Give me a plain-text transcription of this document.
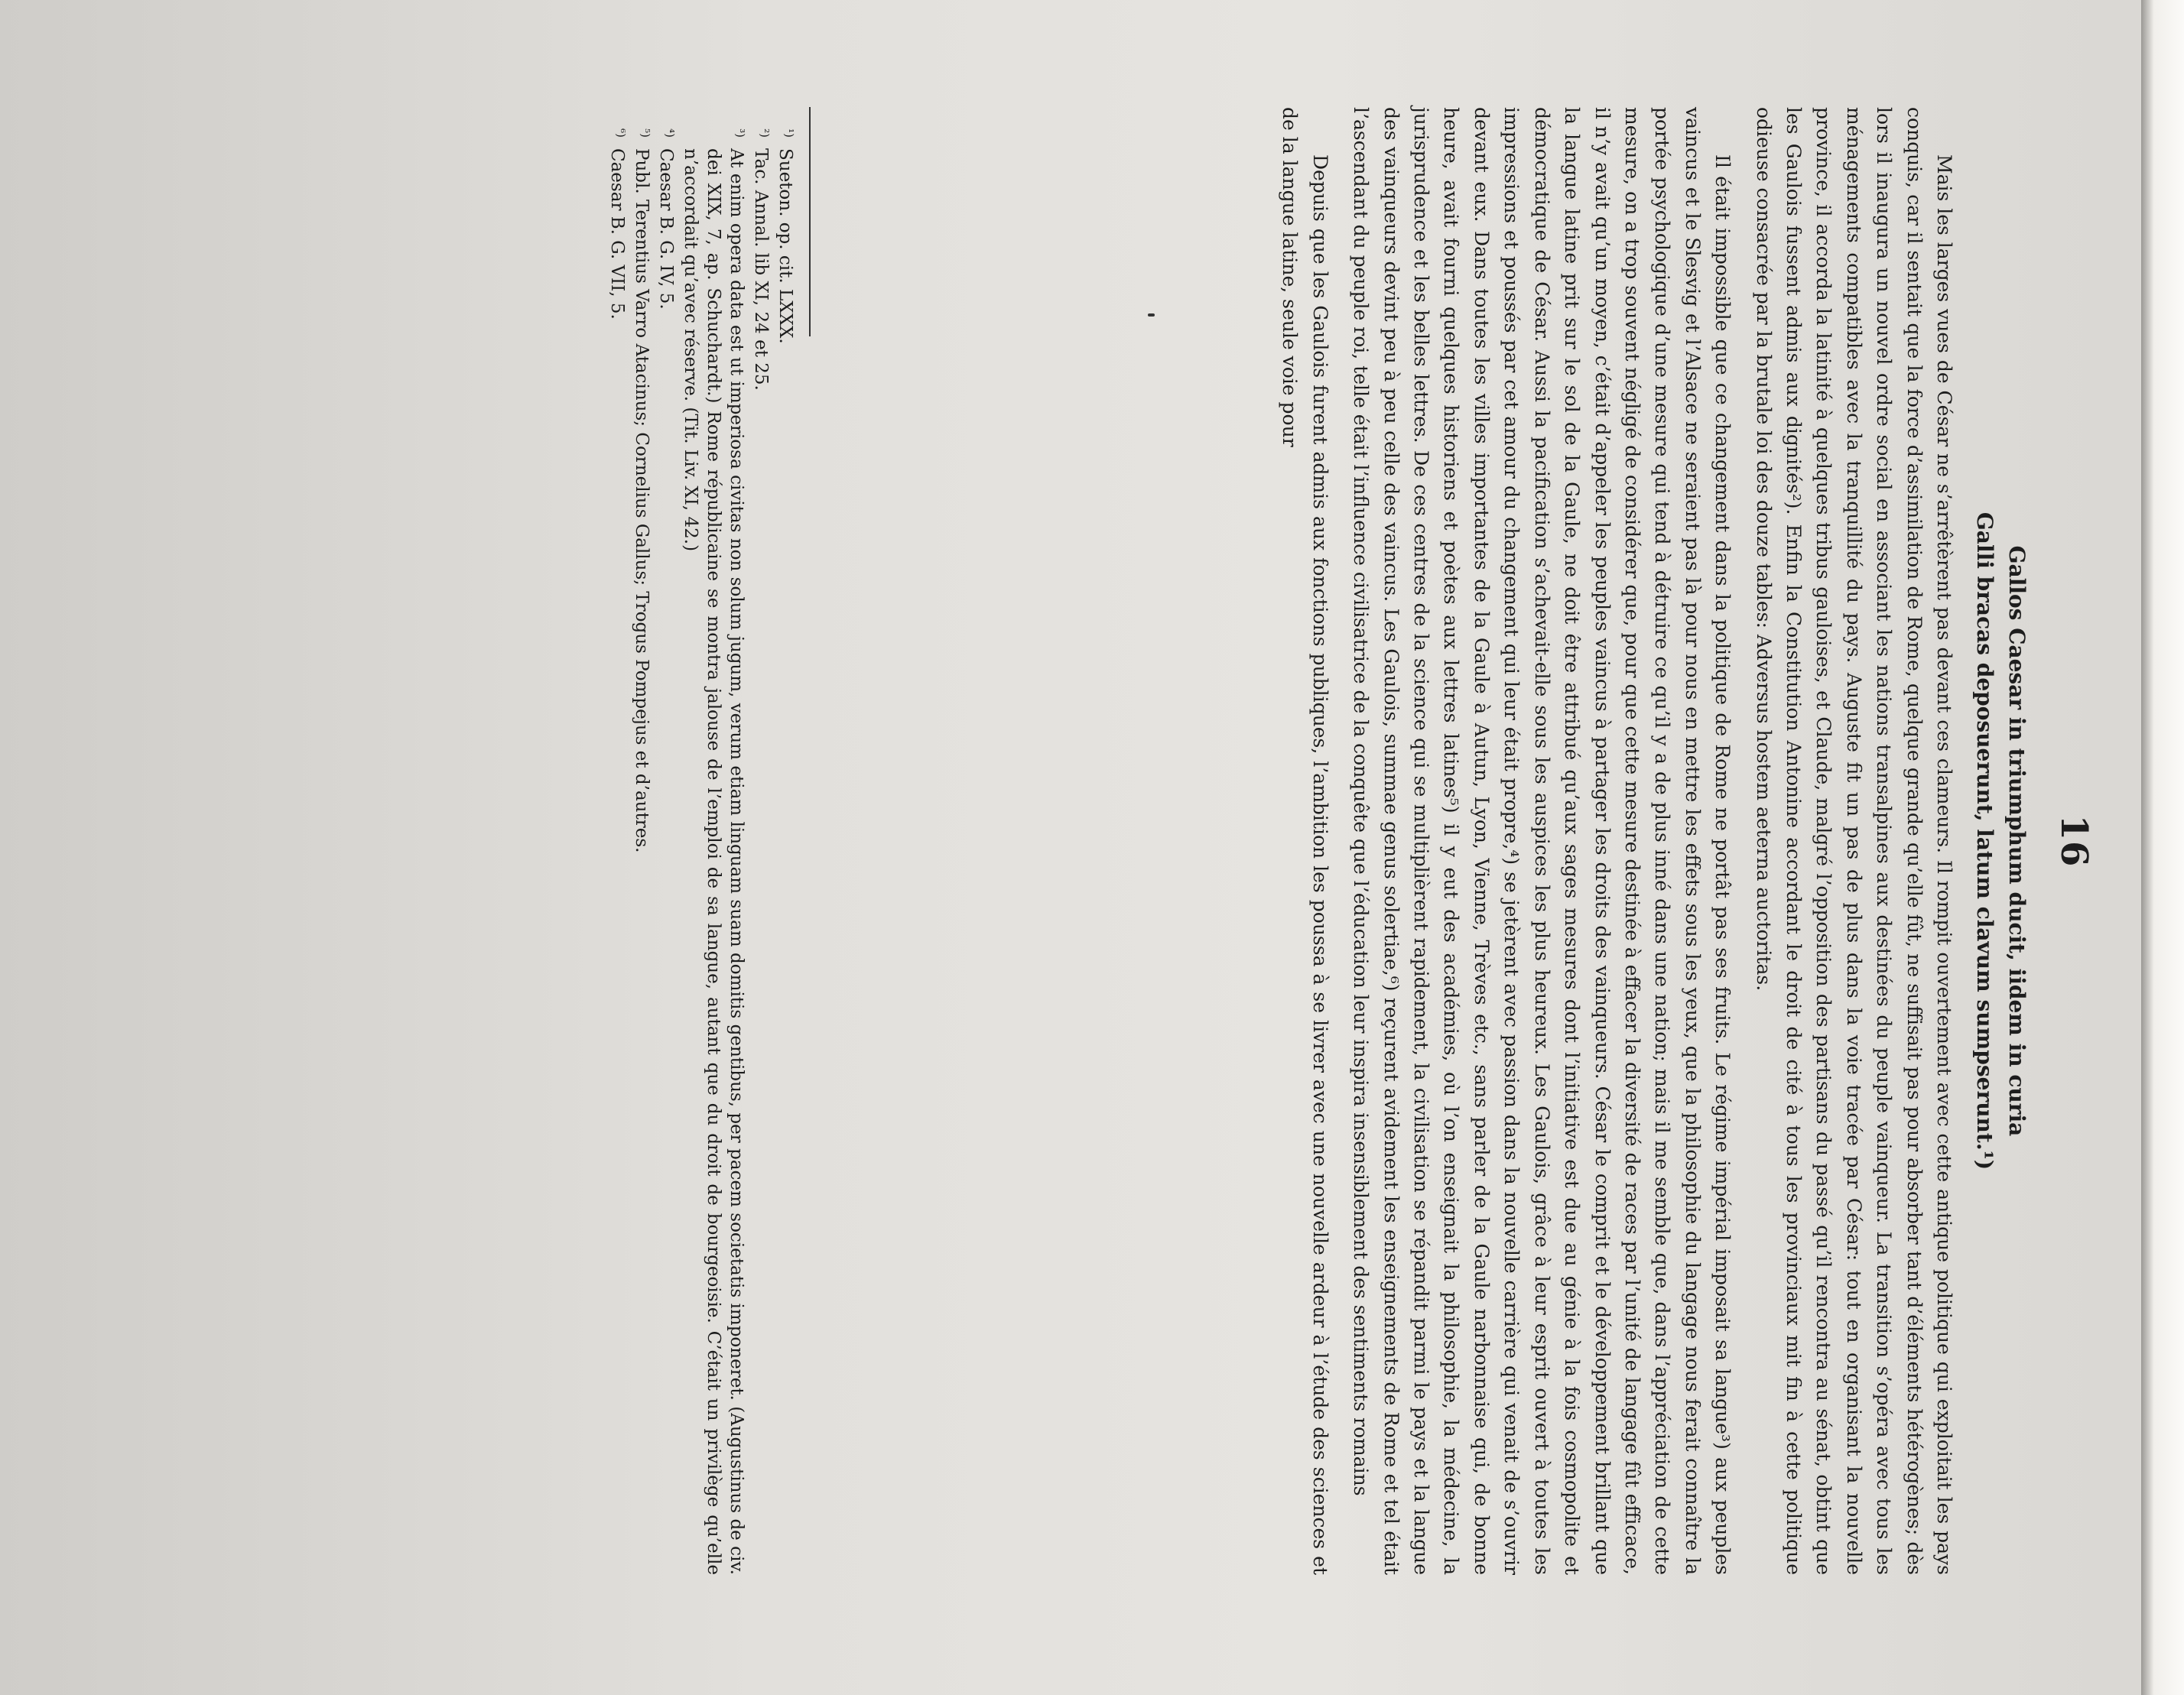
16
Gallos Caesar in triumphum ducit, iidem in curia
Galli bracas deposuerunt, latum clavum sumpserunt.¹)

Mais les larges vues de César ne s’arrêtèrent pas devant ces clameurs. Il rompit ouvertement avec cette antique politique qui exploitait les pays conquis, car il sentait que la force d’assimilation de Rome, quelque grande qu’elle fût, ne suffisait pas pour absorber tant d’éléments hétérogènes; dès lors il inaugura un nouvel ordre social en associant les nations transalpines aux destinées du peuple vainqueur. La transition s’opéra avec tous les ménagements compatibles avec la tranquillité du pays. Auguste fit un pas de plus dans la voie tracée par César: tout en organisant la nouvelle province, il accorda la latinité à quelques tribus gauloises, et Claude, malgré l’opposition des partisans du passé qu’il rencontra au sénat, obtint que les Gaulois fussent admis aux dignités²). Enfin la Constitution Antonine accordant le droit de cité à tous les provinciaux mit fin à cette politique odieuse consacrée par la brutale loi des douze tables: Adversus hostem aeterna auctoritas.

Il était impossible que ce changement dans la politique de Rome ne portât pas ses fruits. Le régime impérial imposait sa langue³) aux peuples vaincus et le Slesvig et l’Alsace ne seraient pas là pour nous en mettre les effets sous les yeux, que la philosophie du langage nous ferait connaître la portée psychologique d’une mesure qui tend à détruire ce qu’il y a de plus inné dans une nation; mais il me semble que, dans l’appréciation de cette mesure, on a trop souvent négligé de considérer que, pour que cette mesure destinée à effacer la diversité de races par l’unité de langage fût efficace, il n’y avait qu’un moyen, c’était d’appeler les peuples vaincus à partager les droits des vainqueurs. César le comprit et le développement brillant que la langue latine prit sur le sol de la Gaule, ne doit être attribué qu’aux sages mesures dont l’initiative est due au génie à la fois cosmopolite et démocratique de César. Aussi la pacification s’achevait-elle sous les auspices les plus heureux. Les Gaulois, grâce à leur esprit ouvert à toutes les impressions et poussés par cet amour du changement qui leur était propre,⁴) se jetèrent avec passion dans la nouvelle carrière qui venait de s’ouvrir devant eux. Dans toutes les villes importantes de la Gaule à Autun, Lyon, Vienne, Trèves etc., sans parler de la Gaule narbonnaise qui, de bonne heure, avait fourni quelques historiens et poètes aux lettres latines⁵) il y eut des académies, où l’on enseignait la philosophie, la médecine, la jurisprudence et les belles lettres. De ces centres de la science qui se multiplièrent rapidement, la civilisation se répandit parmi le pays et la langue des vainqueurs devint peu à peu celle des vaincus. Les Gaulois, summae genus solertiae,⁶) reçurent avidement les enseignements de Rome et tel était l’ascendant du peuple roi, telle était l’influence civilisatrice de la conquête que l’éducation leur inspira insensiblement des sentiments romains

Depuis que les Gaulois furent admis aux fonctions publiques, l’ambition les poussa à se livrer avec une nouvelle ardeur à l’étude des sciences et de la langue latine, seule voie pour

¹)
Sueton. op. cit. LXXX.
²)
Tac. Annal. lib XI, 24 et 25.
³)
At enim opera data est ut imperiosa civitas non solum jugum, verum etiam linguam suam domitis gentibus, per pacem societatis imponeret. (Augustinus de civ. dei XIX, 7, ap. Schuchardt.) Rome républicaine se montra jalouse de l’emploi de sa langue, autant que du droit de bourgeoisie. C’était un privilège qu’elle n’accordait qu’avec réserve. (Tit. Liv. XI, 42.)
⁴)
Caesar B. G. IV, 5.
⁵)
Publ. Terentius Varro Atacinus; Cornelius Gallus; Trogus Pompejus et d’autres.
⁶)
Caesar B. G. VII, 5.
